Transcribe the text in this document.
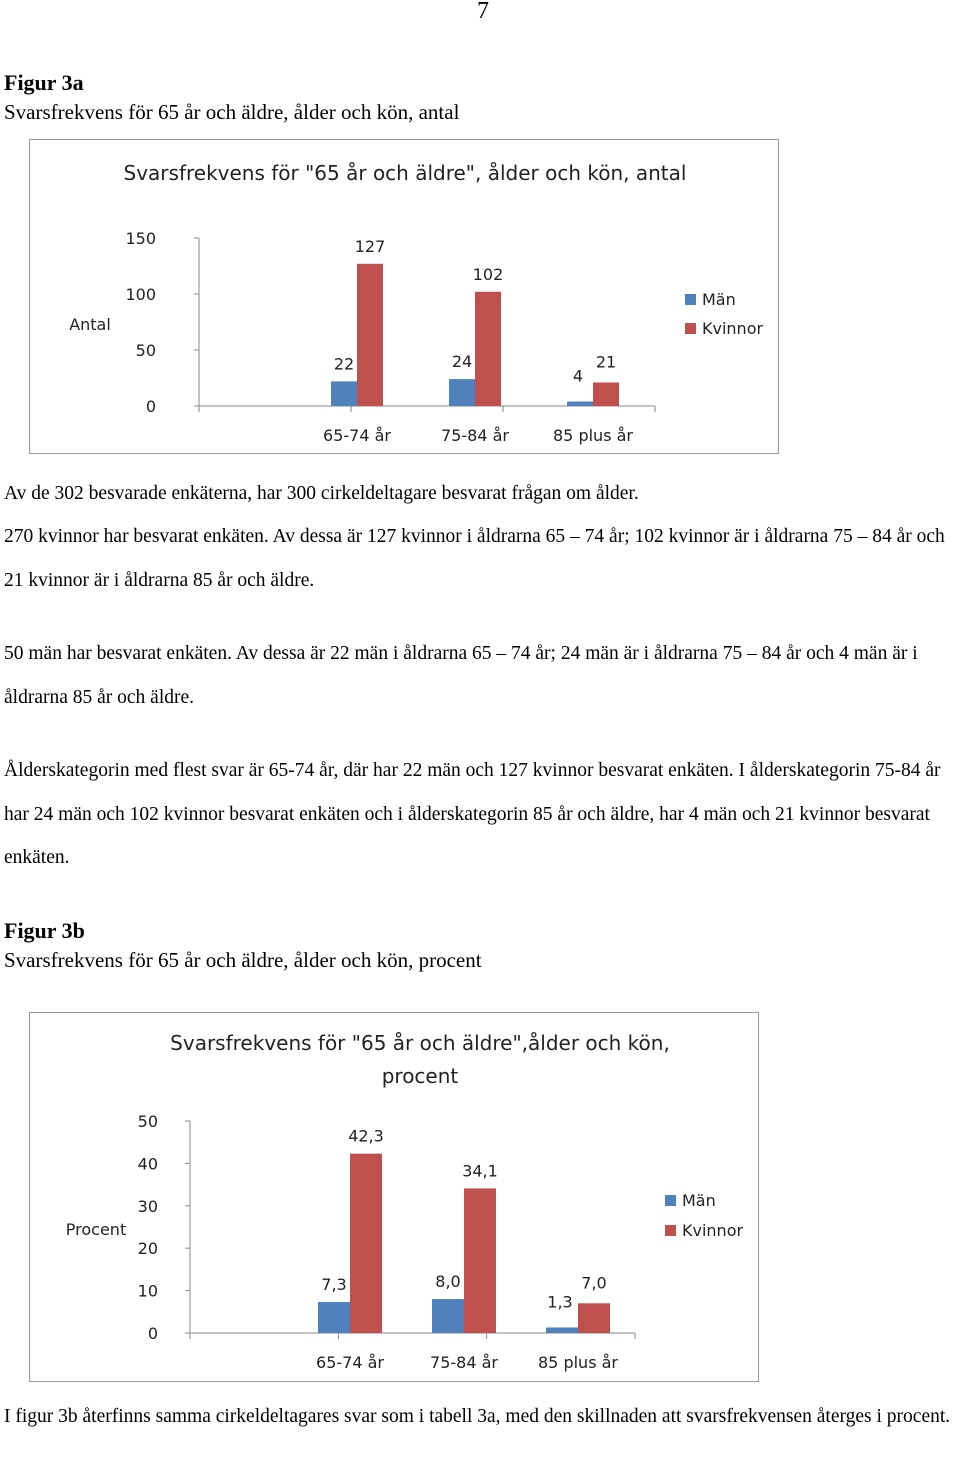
7
Figur 3a
Svarsfrekvens för 65 år och äldre, ålder och kön, antal
Svarsfrekvens för "65 år och äldre", ålder och kön, antal
Antal
0
50
100
150
22
127
65-74 år
24
102
75-84 år
4
21
85 plus år
Män
Kvinnor

Av de 302 besvarade enkäterna, har 300 cirkeldeltagare besvarat frågan om ålder.

270 kvinnor har besvarat enkäten. Av dessa är 127 kvinnor i åldrarna 65 – 74 år; 102 kvinnor är i åldrarna 75 – 84 år och 21 kvinnor är i åldrarna 85 år och äldre.

50 män har besvarat enkäten. Av dessa är 22 män i åldrarna 65 – 74 år; 24 män är i åldrarna 75 – 84 år och 4 män är i åldrarna 85 år och äldre.

Ålderskategorin med flest svar är 65-74 år, där har 22 män och 127 kvinnor besvarat enkäten. I ålderskategorin 75-84 år har 24 män och 102 kvinnor besvarat enkäten och i ålderskategorin 85 år och äldre, har 4 män och 21 kvinnor besvarat enkäten.

Figur 3b
Svarsfrekvens för 65 år och äldre, ålder och kön, procent
Svarsfrekvens för "65 år och äldre",ålder och kön,
procent
Procent
0
10
20
30
40
50
7,3
42,3
65-74 år
8,0
34,1
75-84 år
1,3
7,0
85 plus år
Män
Kvinnor

I figur 3b återfinns samma cirkeldeltagares svar som i tabell 3a, med den skillnaden att svarsfrekvensen återges i procent.
